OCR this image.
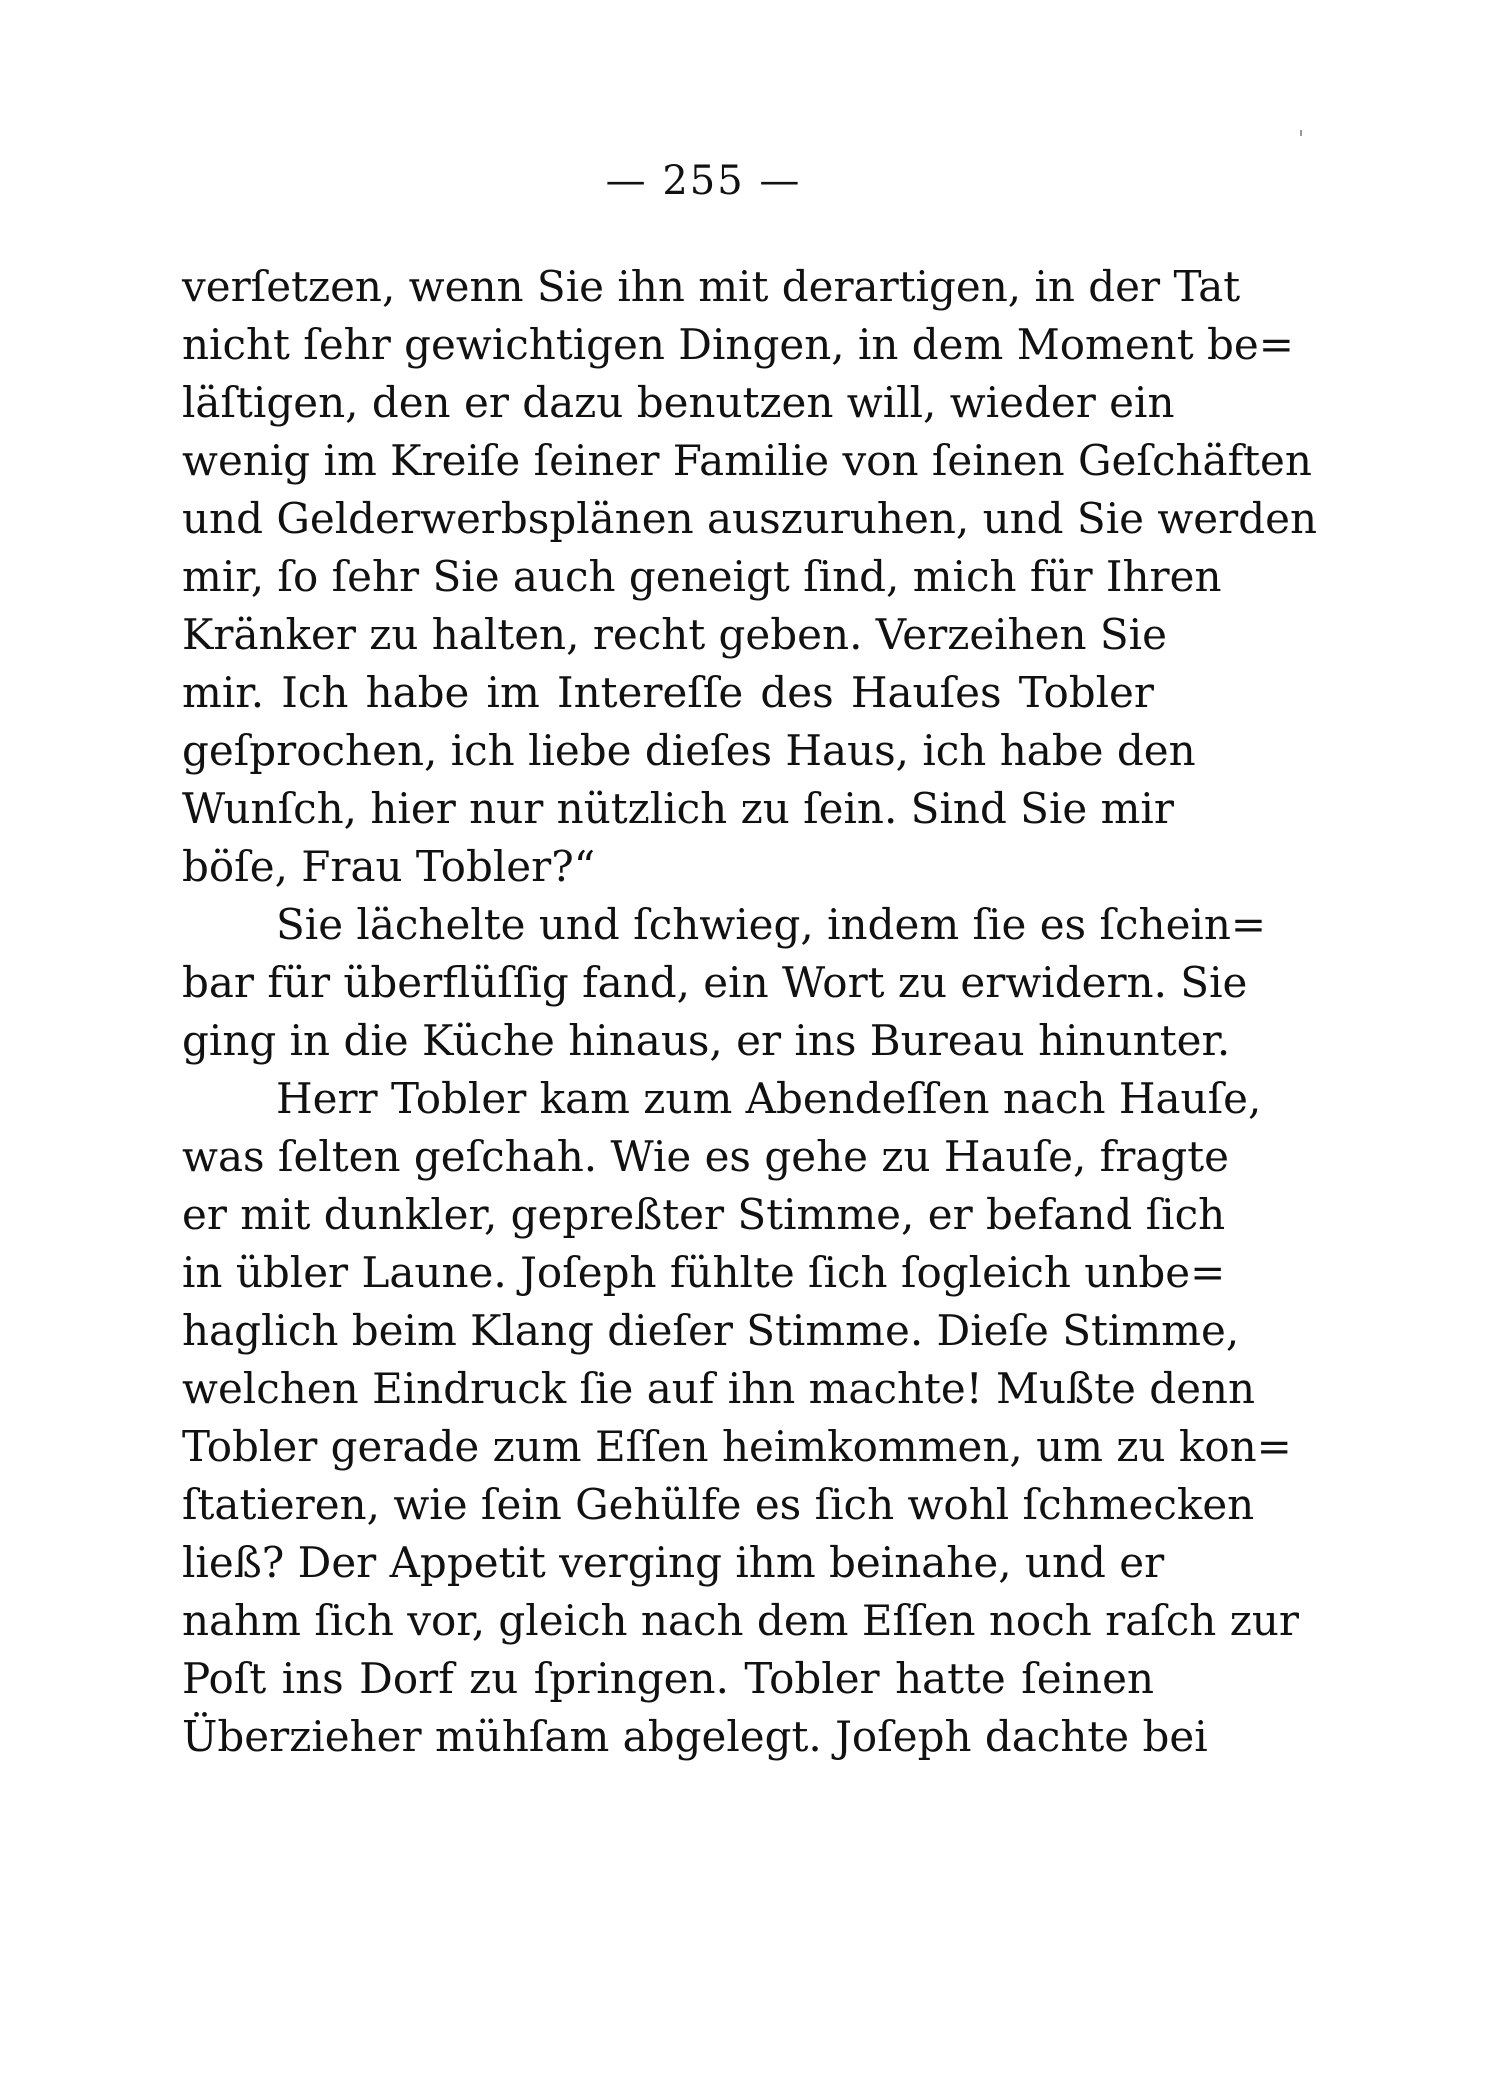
— 255 —
verſetzen, wenn Sie ihn mit derartigen, in der Tat
nicht ſehr gewichtigen Dingen, in dem Moment be=
läſtigen, den er dazu benutzen will, wieder ein
wenig im Kreiſe ſeiner Familie von ſeinen Geſchäften
und Gelderwerbsplänen auszuruhen, und Sie werden
mir, ſo ſehr Sie auch geneigt ſind, mich für Ihren
Kränker zu halten, recht geben. Verzeihen Sie
mir. Ich habe im Intereſſe des Hauſes Tobler
geſprochen, ich liebe dieſes Haus, ich habe den
Wunſch, hier nur nützlich zu ſein. Sind Sie mir
böſe, Frau Tobler?“
Sie lächelte und ſchwieg, indem ſie es ſchein=
bar für überflüſſig fand, ein Wort zu erwidern. Sie
ging in die Küche hinaus, er ins Bureau hinunter.
Herr Tobler kam zum Abendeſſen nach Hauſe,
was ſelten geſchah. Wie es gehe zu Hauſe, fragte
er mit dunkler, gepreßter Stimme, er befand ſich
in übler Laune. Joſeph fühlte ſich ſogleich unbe=
haglich beim Klang dieſer Stimme. Dieſe Stimme,
welchen Eindruck ſie auf ihn machte! Mußte denn
Tobler gerade zum Eſſen heimkommen, um zu kon=
ſtatieren, wie ſein Gehülfe es ſich wohl ſchmecken
ließ? Der Appetit verging ihm beinahe, und er
nahm ſich vor, gleich nach dem Eſſen noch raſch zur
Poſt ins Dorf zu ſpringen. Tobler hatte ſeinen
Überzieher mühſam abgelegt. Joſeph dachte bei
